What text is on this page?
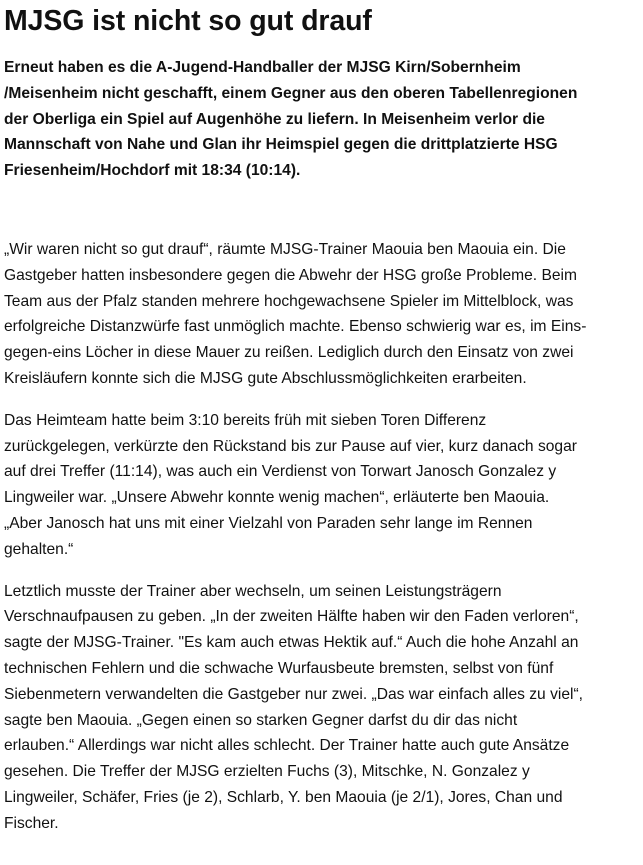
MJSG ist nicht so gut drauf

Erneut haben es die A-Jugend-Handballer der MJSG Kirn/Sobernheim
/Meisenheim nicht geschafft, einem Gegner aus den oberen Tabellenregionen
der Oberliga ein Spiel auf Augenhöhe zu liefern. In Meisenheim verlor die
Mannschaft von Nahe und Glan ihr Heimspiel gegen die drittplatzierte HSG
Friesenheim/Hochdorf mit 18:34 (10:14).

„Wir waren nicht so gut drauf“, räumte MJSG-Trainer Maouia ben Maouia ein. Die
Gastgeber hatten insbesondere gegen die Abwehr der HSG große Probleme. Beim
Team aus der Pfalz standen mehrere hochgewachsene Spieler im Mittelblock, was
erfolgreiche Distanzwürfe fast unmöglich machte. Ebenso schwierig war es, im Eins-
gegen-eins Löcher in diese Mauer zu reißen. Lediglich durch den Einsatz von zwei
Kreisläufern konnte sich die MJSG gute Abschlussmöglichkeiten erarbeiten.

Das Heimteam hatte beim 3:10 bereits früh mit sieben Toren Differenz
zurückgelegen, verkürzte den Rückstand bis zur Pause auf vier, kurz danach sogar
auf drei Treffer (11:14), was auch ein Verdienst von Torwart Janosch Gonzalez y
Lingweiler war. „Unsere Abwehr konnte wenig machen“, erläuterte ben Maouia.
„Aber Janosch hat uns mit einer Vielzahl von Paraden sehr lange im Rennen
gehalten.“

Letztlich musste der Trainer aber wechseln, um seinen Leistungsträgern
Verschnaufpausen zu geben. „In der zweiten Hälfte haben wir den Faden verloren“,
sagte der MJSG-Trainer. "Es kam auch etwas Hektik auf.“ Auch die hohe Anzahl an
technischen Fehlern und die schwache Wurfausbeute bremsten, selbst von fünf
Siebenmetern verwandelten die Gastgeber nur zwei. „Das war einfach alles zu viel“,
sagte ben Maouia. „Gegen einen so starken Gegner darfst du dir das nicht
erlauben.“ Allerdings war nicht alles schlecht. Der Trainer hatte auch gute Ansätze
gesehen. Die Treffer der MJSG erzielten Fuchs (3), Mitschke, N. Gonzalez y
Lingweiler, Schäfer, Fries (je 2), Schlarb, Y. ben Maouia (je 2/1), Jores, Chan und
Fischer.
